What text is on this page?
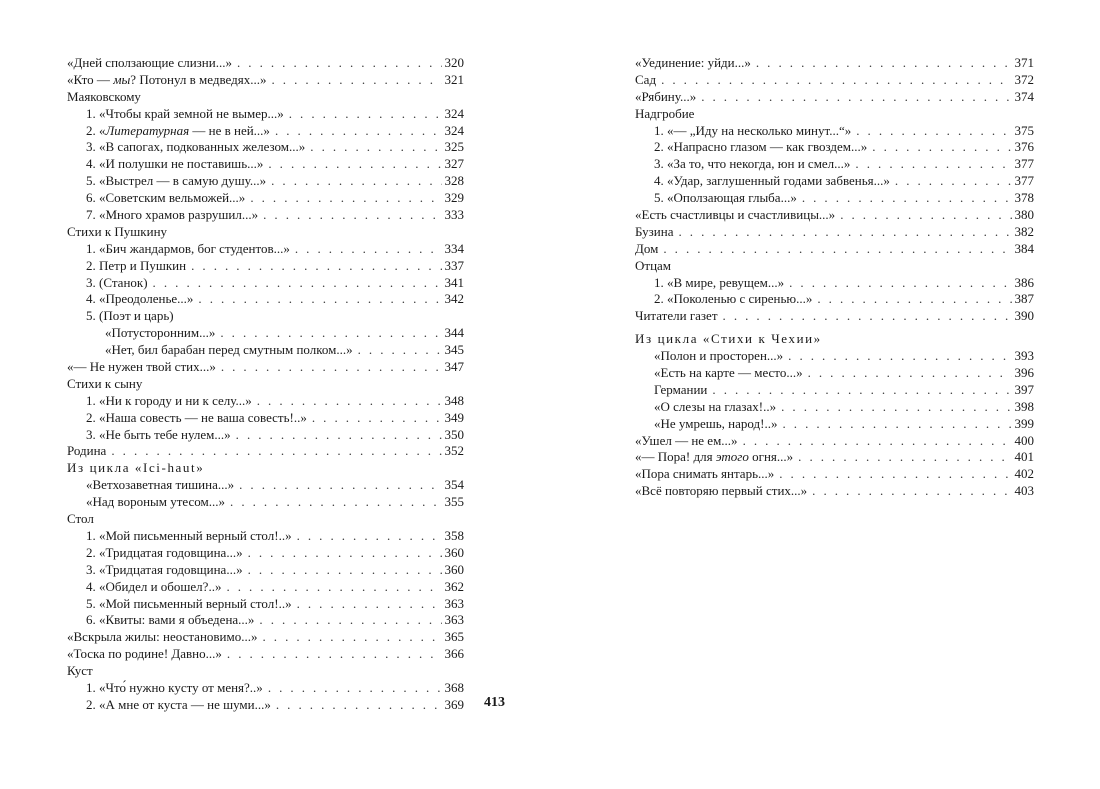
«Дней сползающие слизни...» . . .	320
«Кто — мы? Потонул в медведях...» . . .	321
Маяковскому
1. «Чтобы край земной не вымер...» . . .	324
2. «Литературная — не в ней...» . . .	324
3. «В сапогах, подкованных железом...» . . .	325
4. «И полушки не поставишь...» . . .	327
5. «Выстрел — в самую душу...» . . .	328
6. «Советским вельможей...» . . .	329
7. «Много храмов разрушил...» . . .	333
Стихи к Пушкину
1. «Бич жандармов, бог студентов...» . . .	334
2. Петр и Пушкин . . .	337
3. (Станок) . . .	341
4. «Преодоленье...» . . .	342
5. (Поэт и царь)
«Потусторонним...» . . .	344
«Нет, бил барабан перед смутным полком...» . . .	345
«— Не нужен твой стих...» . . .	347
Стихи к сыну
1. «Ни к городу и ни к селу...» . . .	348
2. «Наша совесть — не ваша совесть!..» . . .	349
3. «Не быть тебе нулем...» . . .	350
Родина . . .	352
Из цикла «Ici-haut»
«Ветхозаветная тишина...» . . .	354
«Над вороным утесом...» . . .	355
Стол
1. «Мой письменный верный стол!..» . . .	358
2. «Тридцатая годовщина...» . . .	360
3. «Тридцатая годовщина...» . . .	360
4. «Обидел и обошел?..» . . .	362
5. «Мой письменный верный стол!..» . . .	363
6. «Квиты: вами я объедена...» . . .	363
«Вскрыла жилы: неостановимо...» . . .	365
«Тоска по родине! Давно...» . . .	366
Куст
1. «Что́ нужно кусту от меня?..» . . .	368
2. «А мне от куста — не шуми...» . . .	369
«Уединение: уйди...» . . .	371
Сад . . .	372
«Рябину...» . . .	374
Надгробие
1. «— „Иду на несколько минут...“» . . .	375
2. «Напрасно глазом — как гвоздем...» . . .	376
3. «За то, что некогда, юн и смел...» . . .	377
4. «Удар, заглушенный годами забвенья...» . . .	377
5. «Оползающая глыба...» . . .	378
«Есть счастливцы и счастливицы...» . . .	380
Бузина . . .	382
Дом . . .	384
Отцам
1. «В мире, ревущем...» . . .	386
2. «Поколенью с сиренью...» . . .	387
Читатели газет . . .	390
Из цикла «Стихи к Чехии»
«Полон и просторен...» . . .	393
«Есть на карте — место...» . . .	396
Германии . . .	397
«О слезы на глазах!..» . . .	398
«Не умрешь, народ!..» . . .	399
«Ушел — не ем...» . . .	400
«— Пора! для этого огня...» . . .	401
«Пора снимать янтарь...» . . .	402
«Всё повторяю первый стих...» . . .	403
413
